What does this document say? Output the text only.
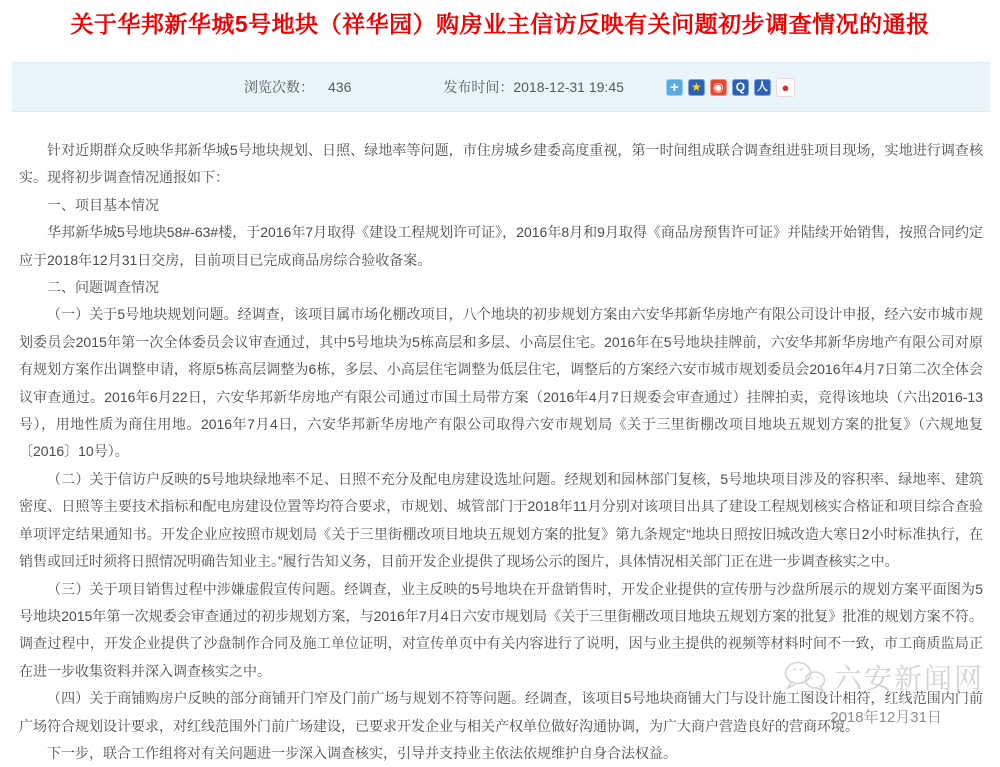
关于华邦新华城5号地块（祥华园）购房业主信访反映有关问题初步调查情况的通报
浏览次数： 436	发布时间：2018-12-31 19:45	+	★ ◉	Q	人	●

针对近期群众反映华邦新华城5号地块规划、日照、绿地率等问题，市住房城乡建委高度重视，第一时间组成联合调查组进驻项目现场，实地进行调查核实。现将初步调查情况通报如下：

一、项目基本情况

华邦新华城5号地块58#-63#楼，于2016年7月取得《建设工程规划许可证》，2016年8月和9月取得《商品房预售许可证》并陆续开始销售，按照合同约定应于2018年12月31日交房，目前项目已完成商品房综合验收备案。

二、问题调查情况

（一）关于5号地块规划问题。经调查，该项目属市场化棚改项目，八个地块的初步规划方案由六安华邦新华房地产有限公司设计申报，经六安市城市规划委员会2015年第一次全体委员会议审查通过，其中5号地块为5栋高层和多层、小高层住宅。2016年在5号地块挂牌前，六安华邦新华房地产有限公司对原有规划方案作出调整申请，将原5栋高层调整为6栋，多层、小高层住宅调整为低层住宅，调整后的方案经六安市城市规划委员会2016年4月7日第二次全体会议审查通过。2016年6月22日，六安华邦新华房地产有限公司通过市国土局带方案（2016年4月7日规委会审查通过）挂牌拍卖，竞得该地块（六出2016-13号），用地性质为商住用地。2016年7月4日，六安华邦新华房地产有限公司取得六安市规划局《关于三里街棚改项目地块五规划方案的批复》（六规地复〔2016〕10号）。

（二）关于信访户反映的5号地块绿地率不足、日照不充分及配电房建设选址问题。经规划和园林部门复核，5号地块项目涉及的容积率、绿地率、建筑密度、日照等主要技术指标和配电房建设位置等均符合要求，市规划、城管部门于2018年11月分别对该项目出具了建设工程规划核实合格证和项目综合查验单项评定结果通知书。开发企业应按照市规划局《关于三里街棚改项目地块五规划方案的批复》第九条规定“地块日照按旧城改造大寒日2小时标准执行，在销售或回迁时须将日照情况明确告知业主。”履行告知义务，目前开发企业提供了现场公示的图片，具体情况相关部门正在进一步调查核实之中。

（三）关于项目销售过程中涉嫌虚假宣传问题。经调查，业主反映的5号地块在开盘销售时，开发企业提供的宣传册与沙盘所展示的规划方案平面图为5号地块2015年第一次规委会审查通过的初步规划方案，与2016年7月4日六安市规划局《关于三里街棚改项目地块五规划方案的批复》批准的规划方案不符。调查过程中，开发企业提供了沙盘制作合同及施工单位证明，对宣传单页中有关内容进行了说明，因与业主提供的视频等材料时间不一致，市工商质监局正在进一步收集资料并深入调查核实之中。

（四）关于商铺购房户反映的部分商铺开门窄及门前广场与规划不符等问题。经调查，该项目5号地块商铺大门与设计施工图设计相符，红线范围内门前广场符合规划设计要求，对红线范围外门前广场建设，已要求开发企业与相关产权单位做好沟通协调，为广大商户营造良好的营商环境。

下一步，联合工作组将对有关问题进一步深入调查核实，引导并支持业主依法依规维护自身合法权益。

六安新闻网
2018年12月31日
